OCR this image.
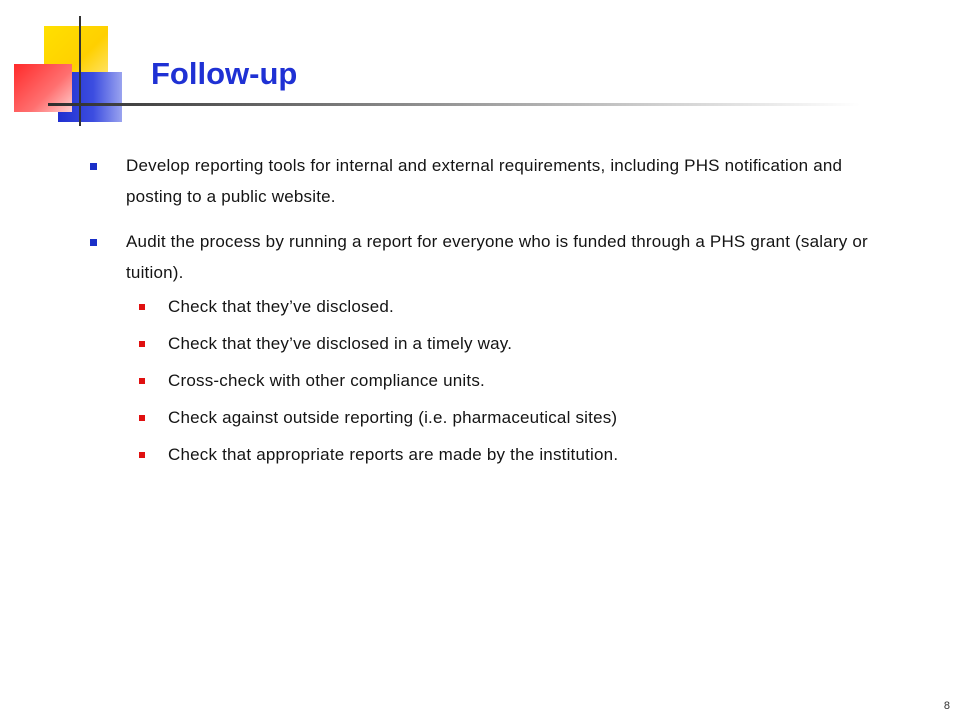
Follow-up
Develop reporting tools for internal and external requirements, including PHS notification and posting to a public website.
Audit the process by running a report for everyone who is funded through a PHS grant (salary or tuition).
Check that they’ve disclosed.
Check that they’ve disclosed in a timely way.
Cross-check with other compliance units.
Check against outside reporting (i.e. pharmaceutical sites)
Check that appropriate reports are made by the institution.
8
